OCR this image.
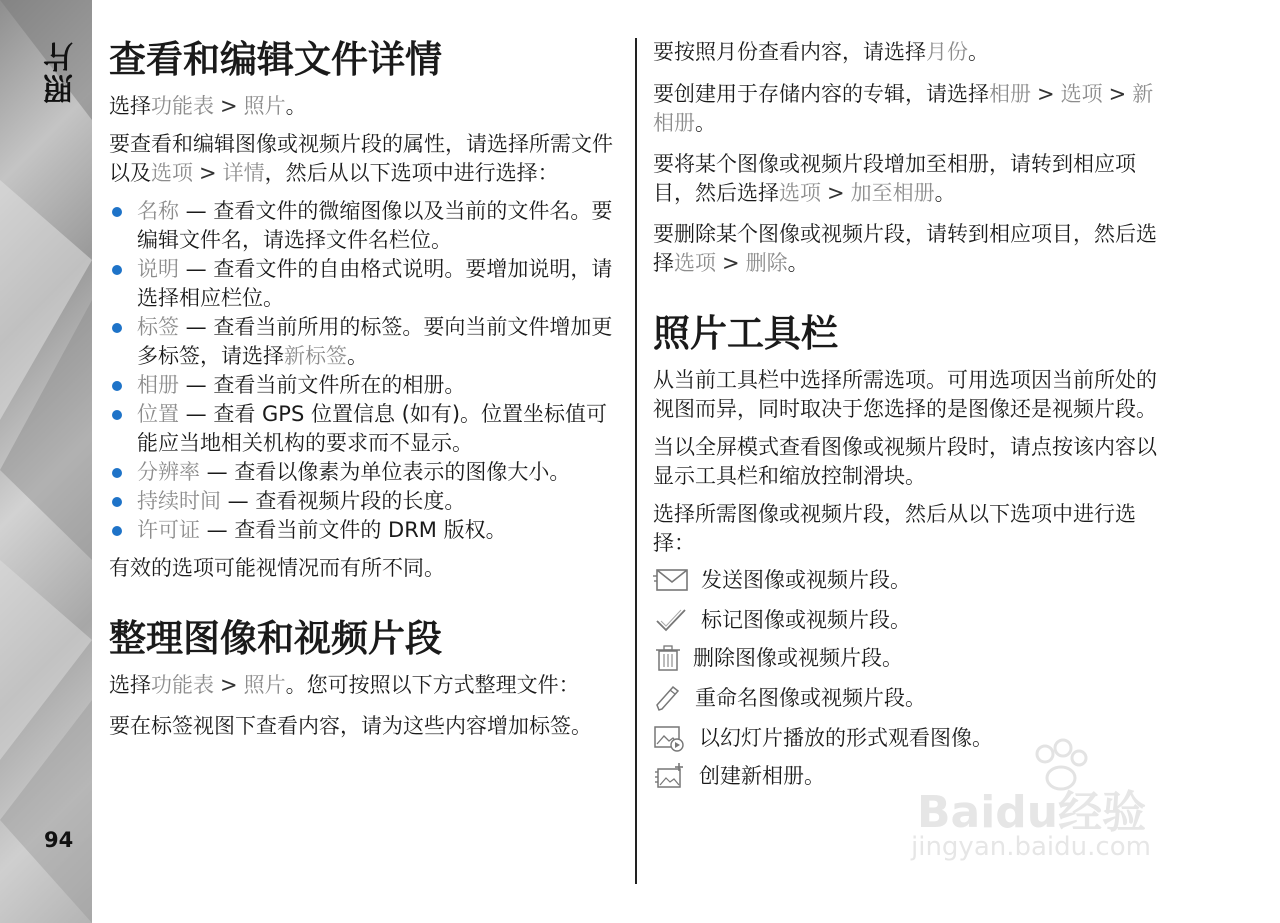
照片
94
查看和编辑文件详情

选择功能表 > 照片。

要查看和编辑图像或视频片段的属性，请选择所需文件以及选项 > 详情，然后从以下选项中进行选择：

名称 — 查看文件的微缩图像以及当前的文件名。要编辑文件名，请选择文件名栏位。
说明 — 查看文件的自由格式说明。要增加说明，请选择相应栏位。
标签 — 查看当前所用的标签。要向当前文件增加更多标签，请选择新标签。
相册 — 查看当前文件所在的相册。
位置 — 查看 GPS 位置信息 (如有)。位置坐标值可能应当地相关机构的要求而不显示。
分辨率 — 查看以像素为单位表示的图像大小。
持续时间 — 查看视频片段的长度。
许可证 — 查看当前文件的 DRM 版权。

有效的选项可能视情况而有所不同。

整理图像和视频片段

选择功能表 > 照片。您可按照以下方式整理文件：

要在标签视图下查看内容，请为这些内容增加标签。

要按照月份查看内容，请选择月份。

要创建用于存储内容的专辑，请选择相册 > 选项 > 新相册。

要将某个图像或视频片段增加至相册，请转到相应项目，然后选择选项 > 加至相册。

要删除某个图像或视频片段，请转到相应项目，然后选择选项 > 删除。

照片工具栏

从当前工具栏中选择所需选项。可用选项因当前所处的视图而异，同时取决于您选择的是图像还是视频片段。

当以全屏模式查看图像或视频片段时，请点按该内容以显示工具栏和缩放控制滑块。

选择所需图像或视频片段，然后从以下选项中进行选择：

发送图像或视频片段。
标记图像或视频片段。
删除图像或视频片段。
重命名图像或视频片段。
以幻灯片播放的形式观看图像。
创建新相册。
Baidu经验
jingyan.baidu.com
